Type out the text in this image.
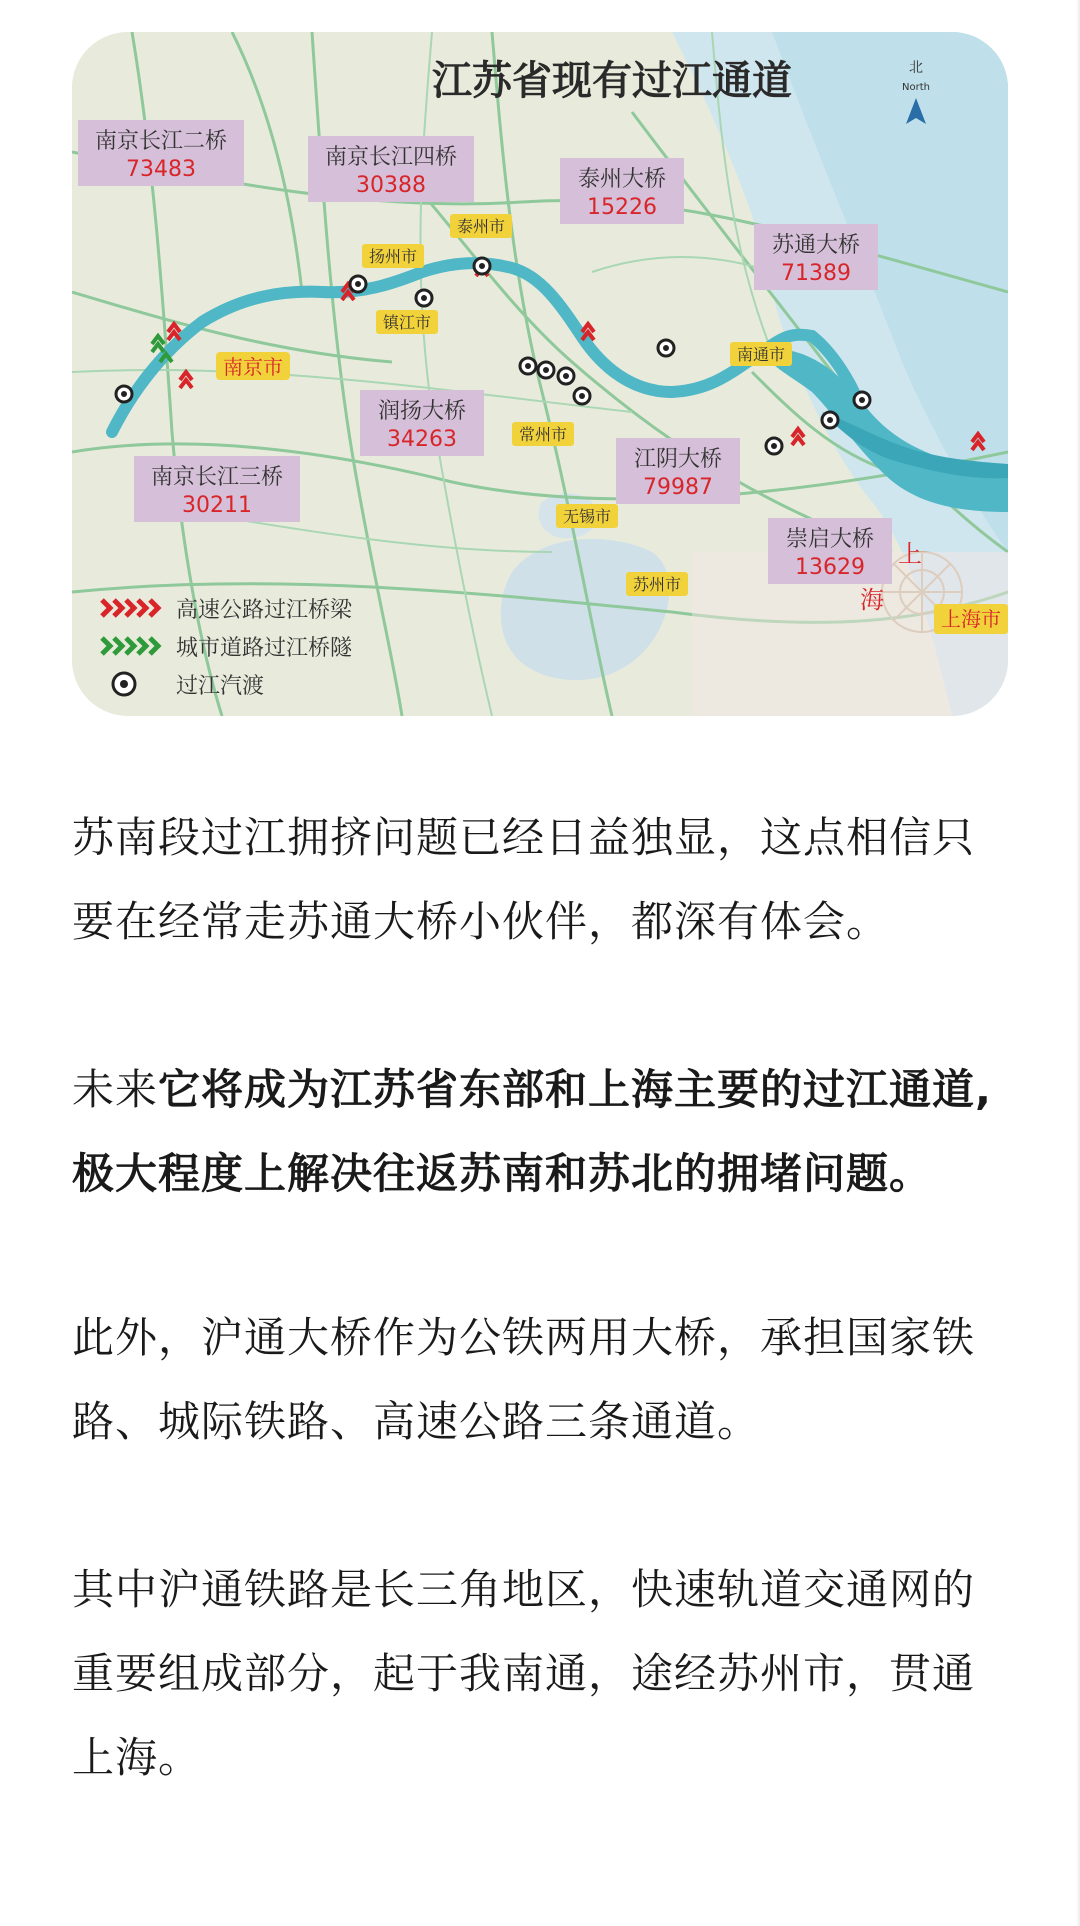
江苏省现有过江通道	北
North
南京长江二桥
73483	南京长江四桥
30388	泰州大桥
15226
苏通大桥
71389
润扬大桥
34263
南京长江三桥
30211
江阴大桥
79987
崇启大桥
13629
南京市
扬州市
泰州市
镇江市
常州市
无锡市
苏州市
南通市
上
海
上海市
高速公路过江桥梁
城市道路过江桥隧
过江汽渡

苏南段过江拥挤问题已经日益独显，这点相信只要在经常走苏通大桥小伙伴，都深有体会。

未来它将成为江苏省东部和上海主要的过江通道,极大程度上解决往返苏南和苏北的拥堵问题。

此外，沪通大桥作为公铁两用大桥，承担国家铁路、城际铁路、高速公路三条通道。

其中沪通铁路是长三角地区，快速轨道交通网的重要组成部分，起于我南通，途经苏州市，贯通上海。
